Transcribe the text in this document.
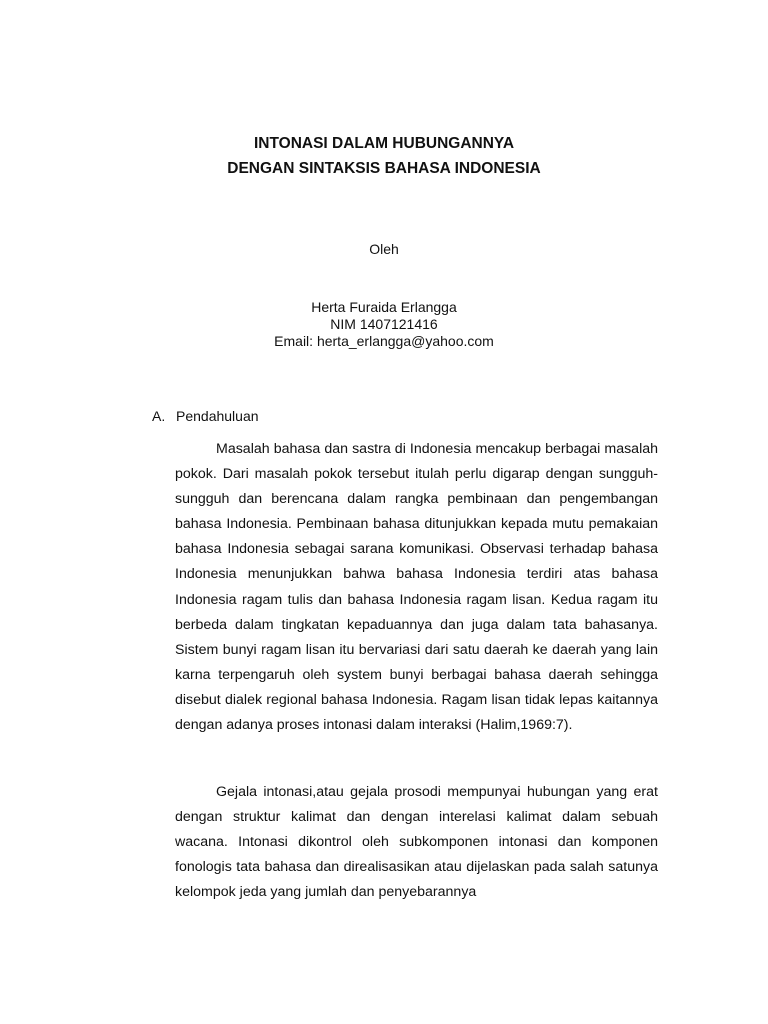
INTONASI DALAM HUBUNGANNYA
DENGAN SINTAKSIS BAHASA INDONESIA
Oleh
Herta Furaida Erlangga
NIM 1407121416
Email: herta_erlangga@yahoo.com
A. Pendahuluan
Masalah bahasa dan sastra di Indonesia mencakup berbagai masalah pokok. Dari masalah pokok tersebut itulah perlu digarap dengan sungguh-sungguh dan berencana dalam rangka pembinaan dan pengembangan bahasa Indonesia. Pembinaan bahasa ditunjukkan kepada mutu pemakaian bahasa Indonesia sebagai sarana komunikasi. Observasi terhadap bahasa Indonesia menunjukkan bahwa bahasa Indonesia terdiri atas bahasa Indonesia ragam tulis dan bahasa Indonesia ragam lisan. Kedua ragam itu berbeda dalam tingkatan kepaduannya dan juga dalam tata bahasanya. Sistem bunyi ragam lisan itu bervariasi dari satu daerah ke daerah yang lain karna terpengaruh oleh system bunyi berbagai bahasa daerah sehingga disebut dialek regional bahasa Indonesia. Ragam lisan tidak lepas kaitannya dengan adanya proses intonasi dalam interaksi (Halim,1969:7).
Gejala intonasi,atau gejala prosodi mempunyai hubungan yang erat dengan struktur kalimat dan dengan interelasi kalimat dalam sebuah wacana. Intonasi dikontrol oleh subkomponen intonasi dan komponen fonologis tata bahasa dan direalisasikan atau dijelaskan pada salah satunya kelompok jeda yang jumlah dan penyebarannya
